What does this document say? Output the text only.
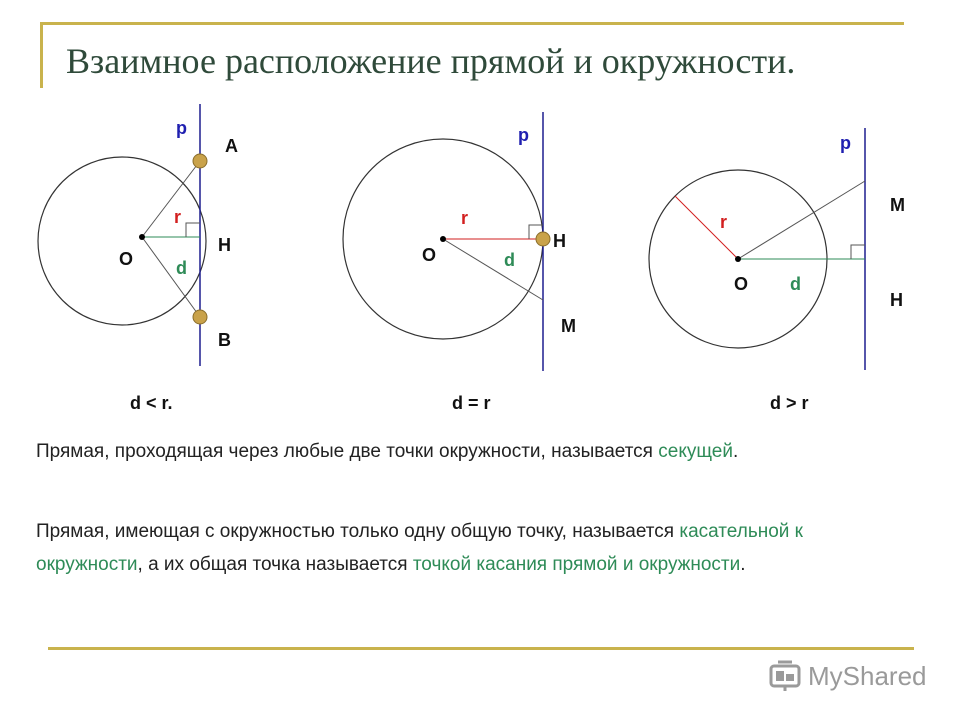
Взаимное расположение прямой и окружности.
p
A
r
H
O d
B
p
r
H
O	d
M
p
M
r
O d
H
d < r.	d = r	d > r

Прямая, проходящая через любые две точки окружности, называется секущей.

Прямая, имеющая с окружностью только одну общую точку, называется касательной к окружности, а их общая точка называется точкой касания прямой и окружности.

MyShared
